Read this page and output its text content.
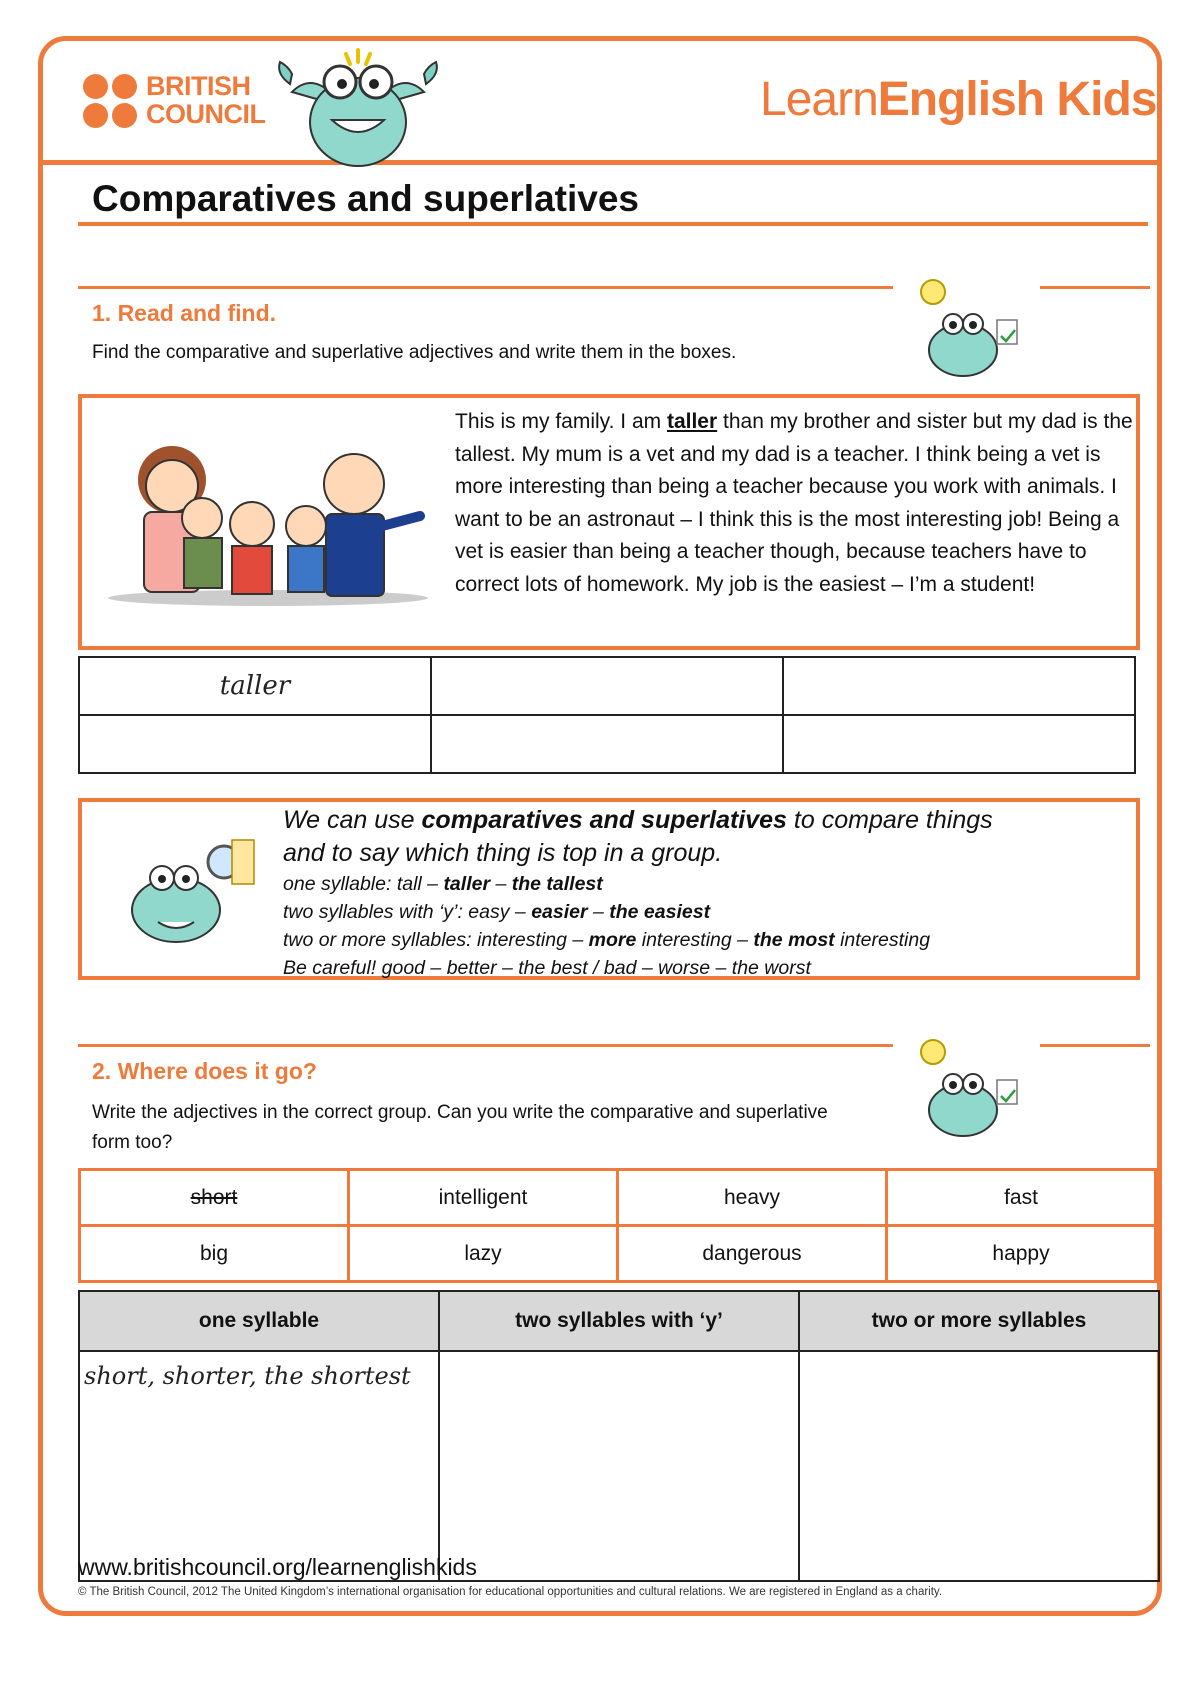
BRITISH
COUNCIL	LearnEnglish Kids
Comparatives and superlatives
1. Read and find.
Find the comparative and superlative adjectives and write them in the boxes.
This is my family. I am taller than my brother and sister but my dad is the tallest. My mum is a vet and my dad is a teacher. I think being a vet is more interesting than being a teacher because you work with animals. I want to be an astronaut – I think this is the most interesting job! Being a vet is easier than being a teacher though, because teachers have to correct lots of homework. My job is the easiest – I’m a student!
taller		

We can use comparatives and superlatives to compare things
and to say which thing is top in a group.
one syllable: tall – taller – the tallest
two syllables with ‘y’: easy – easier – the easiest
two or more syllables: interesting – more interesting – the most interesting
Be careful! good – better – the best / bad – worse – the worst
2. Where does it go?
Write the adjectives in the correct group. Can you write the comparative and superlative form too?
short	intelligent	heavy	fast
big	lazy	dangerous	happy
one syllable	two syllables with ‘y’	two or more syllables
short, shorter, the shortest		
www.britishcouncil.org/learnenglishkids
© The British Council, 2012 The United Kingdom’s international organisation for educational opportunities and cultural relations. We are registered in England as a charity.
